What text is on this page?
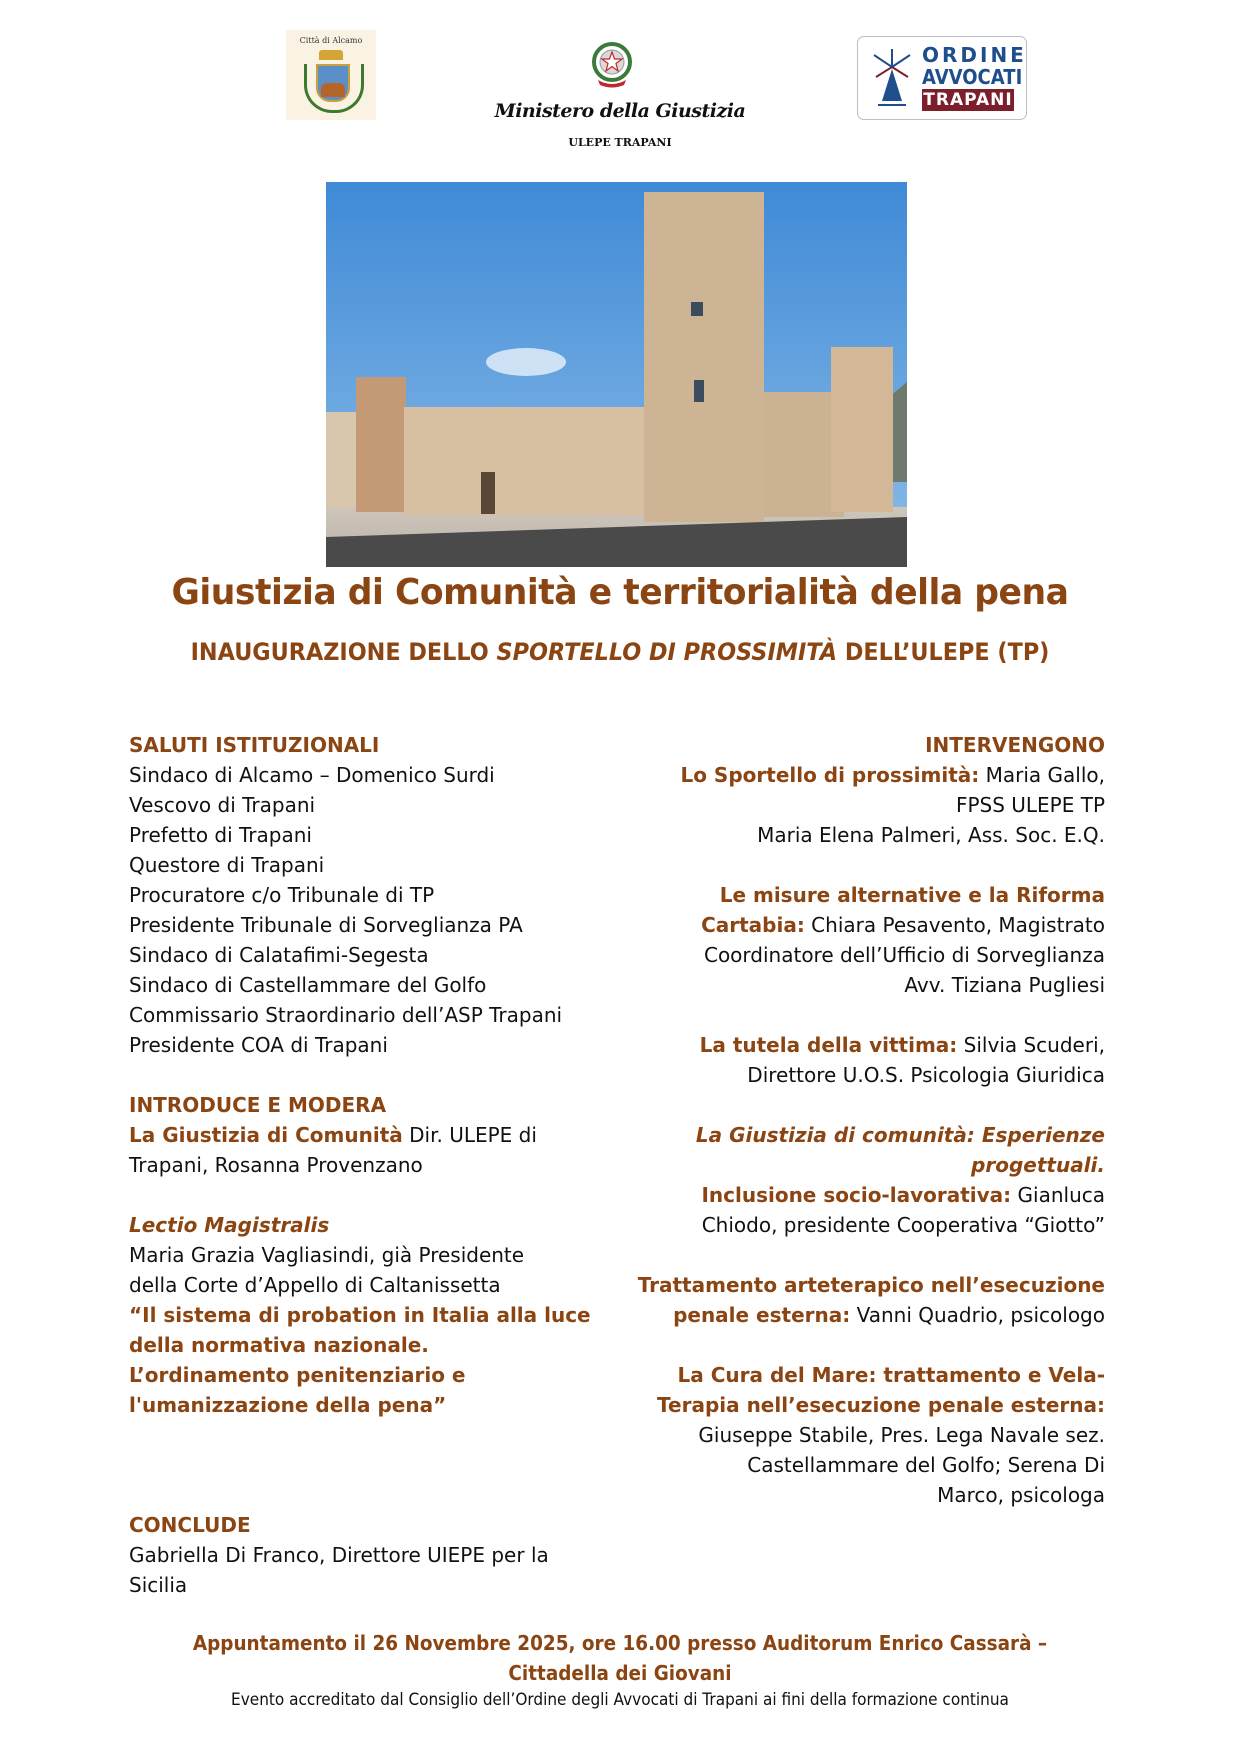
Città di Alcamo
Ministero della Giustizia
ULEPE TRAPANI
ORDINE
AVVOCATI
TRAPANI
Giustizia di Comunità e territorialità della pena
INAUGURAZIONE DELLO SPORTELLO DI PROSSIMITÀ DELL’ULEPE (TP)
SALUTI ISTITUZIONALI
Sindaco di Alcamo – Domenico Surdi
Vescovo di Trapani
Prefetto di Trapani
Questore di Trapani
Procuratore c/o Tribunale di TP
Presidente Tribunale di Sorveglianza PA
Sindaco di Calatafimi-Segesta
Sindaco di Castellammare del Golfo
Commissario Straordinario dell’ASP Trapani
Presidente COA di Trapani
INTRODUCE E MODERA
La Giustizia di Comunità Dir. ULEPE di
Trapani, Rosanna Provenzano
Lectio Magistralis
Maria Grazia Vagliasindi, già Presidente
della Corte d’Appello di Caltanissetta
“Il sistema di probation in Italia alla luce
della normativa nazionale.
L’ordinamento penitenziario e
l'umanizzazione della pena”
CONCLUDE
Gabriella Di Franco, Direttore UIEPE per la
Sicilia
INTERVENGONO
Lo Sportello di prossimità: Maria Gallo,
FPSS ULEPE TP
Maria Elena Palmeri, Ass. Soc. E.Q.
Le misure alternative e la Riforma
Cartabia: Chiara Pesavento, Magistrato
Coordinatore dell’Ufficio di Sorveglianza
Avv. Tiziana Pugliesi
La tutela della vittima: Silvia Scuderi,
Direttore U.O.S. Psicologia Giuridica
La Giustizia di comunità: Esperienze
progettuali.
Inclusione socio-lavorativa: Gianluca
Chiodo, presidente Cooperativa “Giotto”
Trattamento arteterapico nell’esecuzione
penale esterna: Vanni Quadrio, psicologo
La Cura del Mare: trattamento e Vela-
Terapia nell’esecuzione penale esterna:
Giuseppe Stabile, Pres. Lega Navale sez.
Castellammare del Golfo; Serena Di
Marco, psicologa
Appuntamento il 26 Novembre 2025, ore 16.00 presso Auditorum Enrico Cassarà –
Cittadella dei Giovani
Evento accreditato dal Consiglio dell’Ordine degli Avvocati di Trapani ai fini della formazione continua
